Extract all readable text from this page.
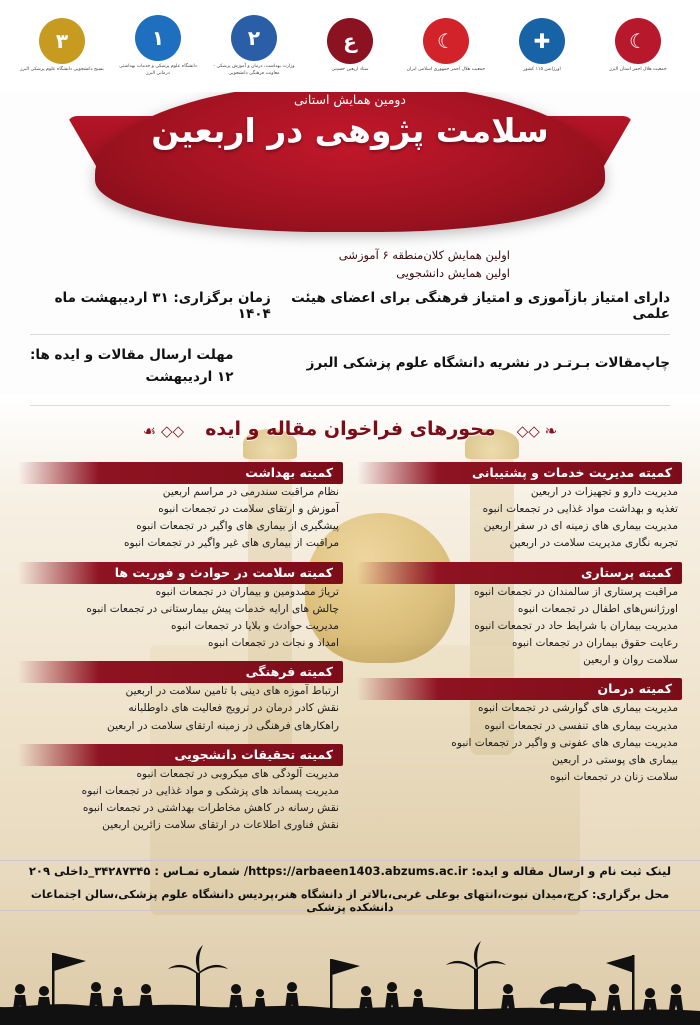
☾
جمعیت هلال احمر استان البرز
✚
اورژانس ۱۱۵ کشور
☾
جمعیت هلال احمر جمهوری اسلامی ایران
ع
ستاد اربعین حسینی
۲
وزارت بهداشت، درمان و آموزش پزشکی - معاونت فرهنگی دانشجویی
۱
دانشگاه علوم پزشکی و خدمات بهداشتی درمانی البرز
۳
بسیج دانشجویی دانشگاه علوم پزشکی البرز
دومین همایش استانی
سلامت پژوهی در اربعین
اولین همایش کلان‌منطقه ۶ آموزشی
اولین همایش دانشجویی
دارای امتیاز بازآموزی و امتیاز فرهنگی برای اعضای هیئت علمی
زمان برگزاری: ۳۱ اردیبهشت ماه ۱۴۰۴
چاپ‌مقالات بـرتـر در نشریه دانشگاه علوم پزشکی البرز
مهلت ارسال مقالات و ایده ها:
۱۲ اردیبهشت
❧ ◇◇ محورهای فراخوان مقاله و ایده ◇◇ ☙
کمیته مدیریت خدمات و پشتیبانی
مدیریت دارو و تجهیزات در اربعین
تغذیه و بهداشت مواد غذایی در تجمعات انبوه
مدیریت بیماری های زمینه ای در سفر اربعین
تجربه نگاری مدیریت سلامت در اربعین
کمیته پرستاری
مراقبت پرستاری از سالمندان در تجمعات انبوه
اورژانس‌های اطفال در تجمعات انبوه
مدیریت بیماران با شرایط حاد در تجمعات انبوه
رعایت حقوق بیماران در تجمعات انبوه
سلامت روان و اربعین
کمیته درمان
مدیریت بیماری های گوارشی در تجمعات انبوه
مدیریت بیماری های تنفسی در تجمعات انبوه
مدیریت بیماری های عفونی و واگیر در تجمعات انبوه
بیماری های پوستی در اربعین
سلامت زنان در تجمعات انبوه
کمیته بهداشت
نظام مراقبت سندرمی در مراسم اربعین
آموزش و ارتقای سلامت در تجمعات انبوه
پیشگیری از بیماری های واگیر در تجمعات انبوه
مراقبت از بیماری های غیر واگیر در تجمعات انبوه
کمیته سلامت در حوادث و فوریت ها
تریاژ مصدومین و بیماران در تجمعات انبوه
چالش های ارایه خدمات پیش بیمارستانی در تجمعات انبوه
مدیریت حوادث و بلایا در تجمعات انبوه
امداد و نجات در تجمعات انبوه
کمیته فرهنگی
ارتباط آموزه های دینی با تامین سلامت در اربعین
نقش کادر درمان در ترویج فعالیت های داوطلبانه
راهکارهای فرهنگی در زمینه ارتقای سلامت در اربعین
کمیته تحقیقات دانشجویی
مدیریت آلودگی های میکروبی در تجمعات انبوه
مدیریت پسماند های پزشکی و مواد غذایی در تجمعات انبوه
نقش رسانه در کاهش مخاطرات بهداشتی در تجمعات انبوه
نقش فناوری اطلاعات در ارتقای سلامت زائرین اربعین
لینک ثبت نام و ارسال مقاله و ایده: https://arbaeen1403.abzums.ac.ir/ شماره تمـاس : ۳۴۲۸۷۳۴۵_داخلی ۲۰۹
محل برگزاری: کرج،میدان نبوت،انتهای بوعلی غربی،بالاتر از دانشگاه هنر،پردیس دانشگاه علوم پزشکی،سالن اجتماعات دانشکده پزشکی
